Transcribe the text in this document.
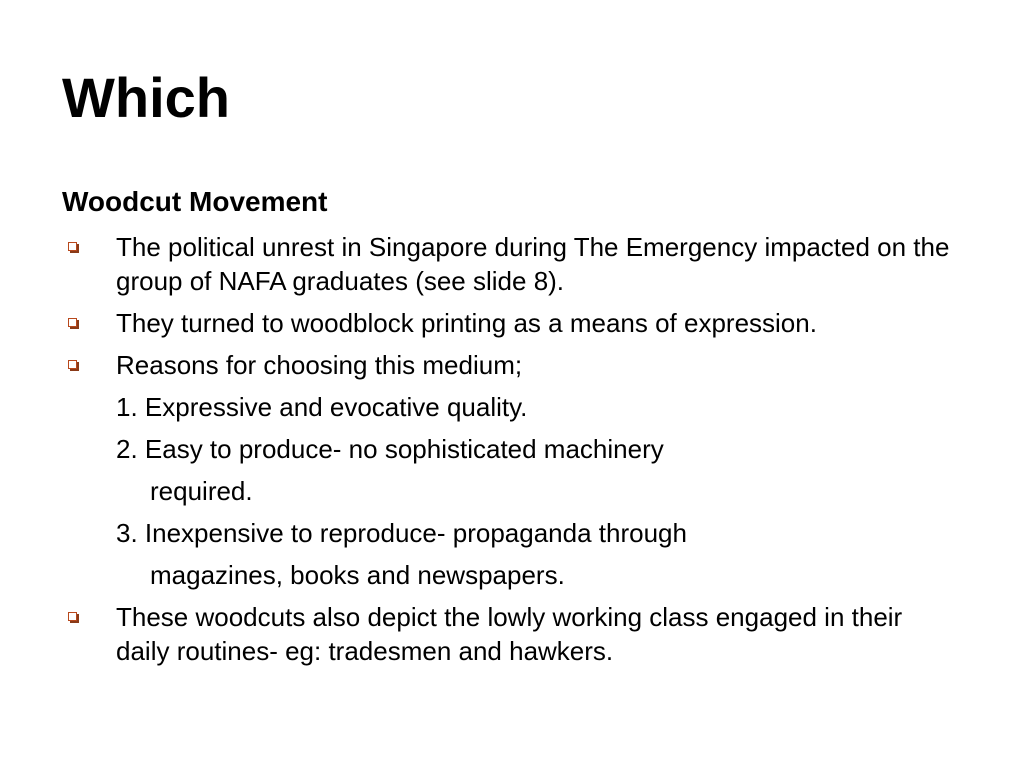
Which
Woodcut Movement
The political unrest in Singapore during The Emergency impacted on the group of NAFA graduates (see slide 8).
They turned to woodblock printing as a means of expression.
Reasons for choosing this medium;
1. Expressive and evocative quality.
2. Easy to produce- no sophisticated machinery
required.
3. Inexpensive to reproduce- propaganda through
magazines, books and newspapers.
These woodcuts also depict the lowly working class engaged in their daily routines- eg: tradesmen and hawkers.
